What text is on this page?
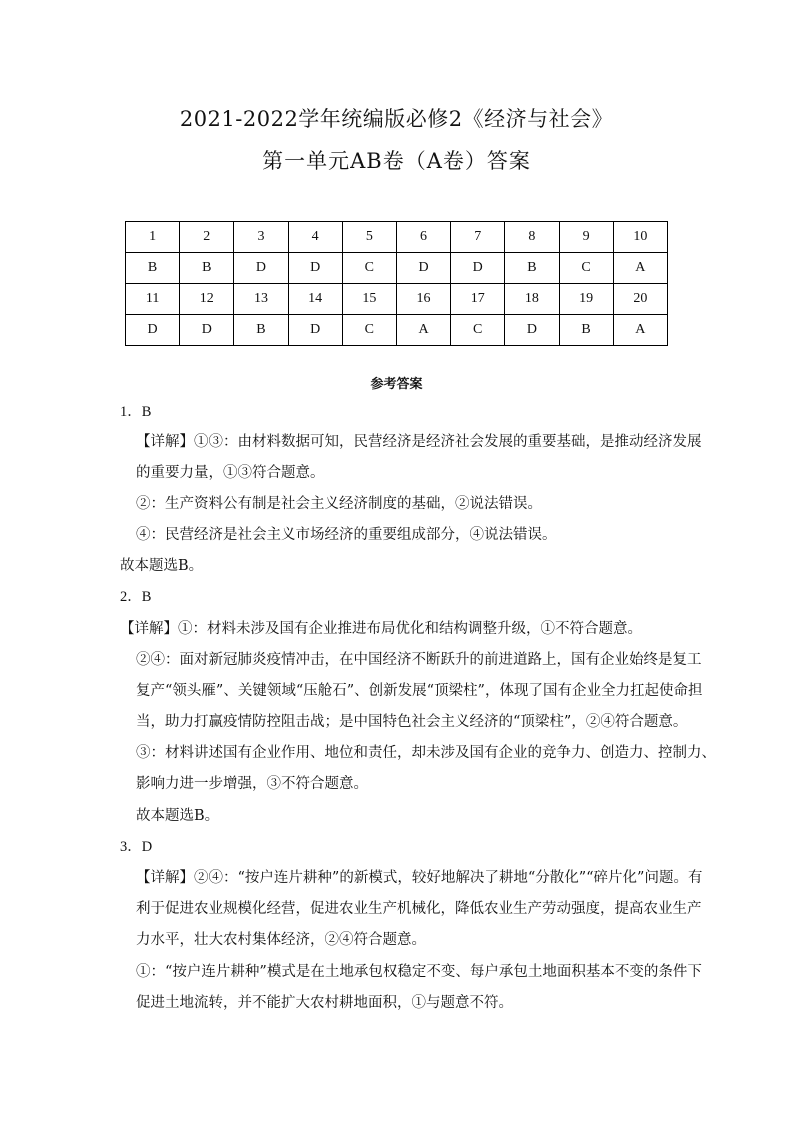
2021-2022学年统编版必修2《经济与社会》
第一单元AB卷（A卷）答案
1	2	3	4	5	6	7	8	9	10
B	B	D	D	C	D	D	B	C	A
11	12	13	14	15	16	17	18	19	20
D	D	B	D	C	A	C	D	B	A
参考答案
1．B
【详解】①③：由材料数据可知，民营经济是经济社会发展的重要基础，是推动经济发展
的重要力量，①③符合题意。
②：生产资料公有制是社会主义经济制度的基础，②说法错误。
④：民营经济是社会主义市场经济的重要组成部分，④说法错误。
故本题选B。
2．B
【详解】①：材料未涉及国有企业推进布局优化和结构调整升级，①不符合题意。
②④：面对新冠肺炎疫情冲击，在中国经济不断跃升的前进道路上，国有企业始终是复工
复产“领头雁”、关键领域“压舱石”、创新发展“顶梁柱”，体现了国有企业全力扛起使命担
当，助力打赢疫情防控阻击战；是中国特色社会主义经济的“顶梁柱”，②④符合题意。
③：材料讲述国有企业作用、地位和责任，却未涉及国有企业的竞争力、创造力、控制力、
影响力进一步增强，③不符合题意。
故本题选B。
3．D
【详解】②④：“按户连片耕种”的新模式，较好地解决了耕地“分散化”“碎片化”问题。有
利于促进农业规模化经营，促进农业生产机械化，降低农业生产劳动强度，提高农业生产
力水平，壮大农村集体经济，②④符合题意。
①：“按户连片耕种”模式是在土地承包权稳定不变、每户承包土地面积基本不变的条件下
促进土地流转，并不能扩大农村耕地面积，①与题意不符。
